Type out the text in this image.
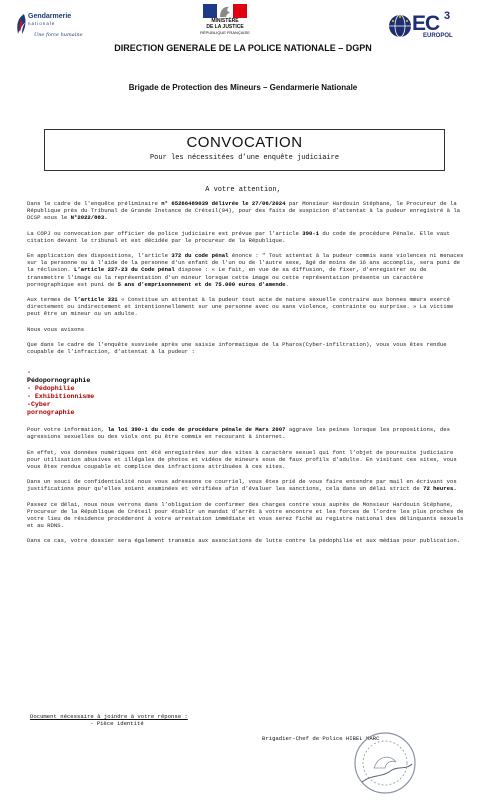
Gendarmerie
nationale
Une force humaine
MINISTÈRE
DE LA JUSTICE
RÉPUBLIQUE FRANÇAISE	EC 3
EUROPOL
DIRECTION GENERALE DE LA POLICE NATIONALE – DGPN
Brigade de Protection des Mineurs – Gendarmerie Nationale
CONVOCATION
Pour les nécessitées d’une enquête judiciaire
A votre attention,

Dans le cadre de l'enquête préliminaire n° 65266489039 délivrée le 27/06/2024 par Monsieur Hardouin Stéphane, le Procureur de la République près du Tribunal de Grande Instance de Créteil(94), pour des faits de suspicion d'attentat à la pudeur enregistré à la DCSP sous le N°2022/883.

La COPJ ou convocation par officier de police judiciaire est prévue par l’article 390-1 du code de procédure Pénale. Elle vaut citation devant le tribunal et est décidée par le procureur de la République.

En application des dispositions, l’article 372 du code pénal énonce : " Tout attentat à la pudeur commis sans violences ni menaces sur la personne ou à l'aide de la personne d'un enfant de l'un ou de l'autre sexe, âgé de moins de 16 ans accomplis, sera puni de la réclusion. L’article 227-23 du Code pénal dispose : « Le fait, en vue de sa diffusion, de fixer, d'enregistrer ou de transmettre l'image ou la représentation d'un mineur lorsque cette image ou cette représentation présente un caractère pornographique est puni de 5 ans d'emprisonnement et de 75.000 euros d'amende.

Aux termes de l’article 331 « Constitue un attentat à la pudeur tout acte de nature sexuelle contraire aux bonnes mœurs exercé directement ou indirectement et intentionnellement sur une personne avec ou sans violence, contrainte ou surprise. » La victime peut être un mineur ou un adulte.

Nous vous avisons

Que dans le cadre de l’enquête susvisée après une saisie informatique de la Pharos(Cyber-infiltration), vous vous êtes rendue coupable de l’infraction, d’attentat à la pudeur :

-
Pédopornographie
- Pédophilie
- Exhibitionnisme
-Cyber
pornographie

Pour votre information, la loi 390-1 du code de procédure pénale de Mars 2007 aggrave les peines lorsque les propositions, des agressions sexuelles ou des viols ont pu être commis en recourant à internet.

En effet, vos données numériques ont été enregistrées sur des sites à caractère sexuel qui font l’objet de poursuite judiciaire pour utilisation abusives et illégales de photos et vidéos de mineurs sous de faux profils d’adulte. En visitant ces sites, vous vous êtes rendus coupable et complice des infractions attribuées à ces sites.

Dans un souci de confidentialité nous vous adressons ce courriel, vous êtes prié de vous faire entendre par mail en écrivant vos justifications pour qu’elles soient examinées et vérifiées afin d’évaluer les sanctions, cela dans un délai strict de 72 heures.

Passez ce délai, nous nous verrons dans l’obligation de confirmer des charges contre vous auprès de Monsieur Hardouin Stéphane, Procureur de la République de Créteil pour établir un mandat d’arrêt à votre encontre et les forces de l’ordre les plus proches de votre lieu de résidence procéderont à votre arrestation immédiate et vous serez fiché au registre national des délinquants sexuels et au RDNS.

Dans ce cas, votre dossier sera également transmis aux associations de lutte contre la pédophilie et aux médias pour publication.

Document nécessaire à joindre à votre réponse :
- Pièce identité
Brigadier-Chef de Police HIBEL MARC
